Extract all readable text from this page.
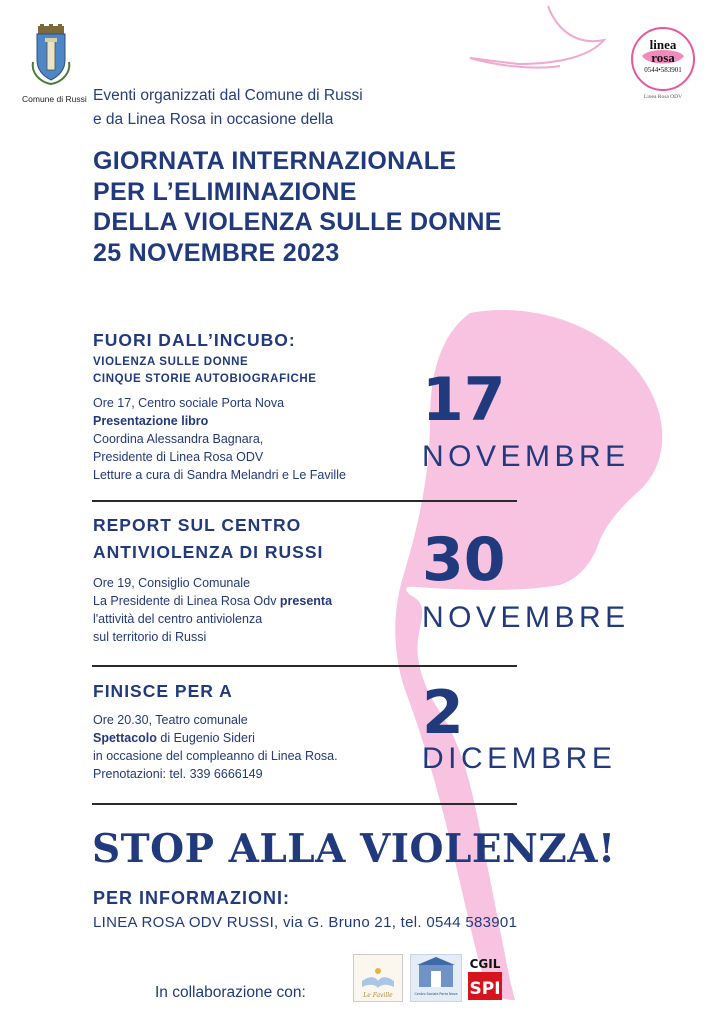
Comune di Russi
linea
rosa
0544•583901
Linea Rosa ODV
Eventi organizzati dal Comune di Russi
e da Linea Rosa in occasione della
GIORNATA INTERNAZIONALE
PER L’ELIMINAZIONE
DELLA VIOLENZA SULLE DONNE
25 NOVEMBRE 2023
FUORI DALL’INCUBO:
VIOLENZA SULLE DONNE
CINQUE STORIE AUTOBIOGRAFICHE
Ore 17, Centro sociale Porta Nova
Presentazione libro
Coordina Alessandra Bagnara,
Presidente di Linea Rosa ODV
Letture a cura di Sandra Melandri e Le Faville
17
NOVEMBRE
REPORT SUL CENTRO
ANTIVIOLENZA DI RUSSI
Ore 19, Consiglio Comunale
La Presidente di Linea Rosa Odv presenta
l'attività del centro antiviolenza
sul territorio di Russi
30
NOVEMBRE
FINISCE PER A
Ore 20.30, Teatro comunale
Spettacolo di Eugenio Sideri
in occasione del compleanno di Linea Rosa.
Prenotazioni: tel. 339 6666149
2
DICEMBRE
STOP ALLA VIOLENZA!
PER INFORMAZIONI:
LINEA ROSA ODV RUSSI, via G. Bruno 21, tel. 0544 583901
In collaborazione con:	Le Faville	Centro Sociale Porta Nova
CGIL
SPI
